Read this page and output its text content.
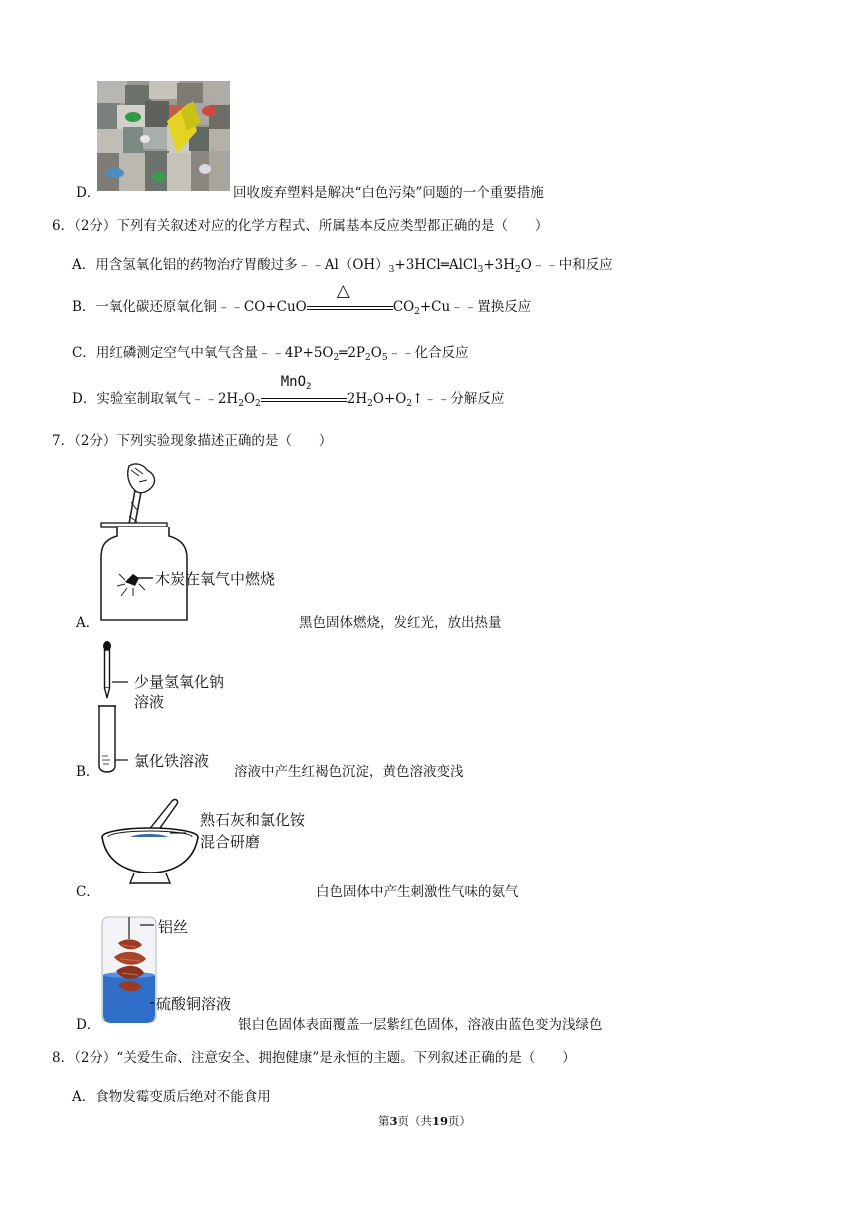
D．	回收废弃塑料是解决“白色污染”问题的一个重要措施
6．（2分）下列有关叙述对应的化学方程式、所属基本反应类型都正确的是（　　）
A．用含氢氧化铝的药物治疗胃酸过多$﹣﹣Al(OH)_3+3HCl═AlCl_3+3H_2O﹣﹣$中和反应
B．一氧化碳还原氧化铜﹣﹣CO+CuO
△
$CO_2+Cu﹣﹣$置换反应
C．用红磷测定空气中氧气含量$﹣﹣4P+5O_2═2P_2O_5﹣﹣$化合反应
D．实验室制取氧气$﹣﹣2H_2O_2$
MnO$_2$
$2H_2O+O_2↑﹣﹣$分解反应
7．（2分）下列实验现象描述正确的是（　　）
木炭在氧气中燃烧
A．	黑色固体燃烧，发红光，放出热量
少量氢氧化钠
溶液
氯化铁溶液
B．	溶液中产生红褐色沉淀，黄色溶液变浅
熟石灰和氯化铵
混合研磨
C．	白色固体中产生刺激性气味的氨气
铝丝
硫酸铜溶液
D．	银白色固体表面覆盖一层紫红色固体，溶液由蓝色变为浅绿色
8．（2分）“关爱生命、注意安全、拥抱健康”是永恒的主题。下列叙述正确的是（　　）
A．食物发霉变质后绝对不能食用
第3页（共19页）
